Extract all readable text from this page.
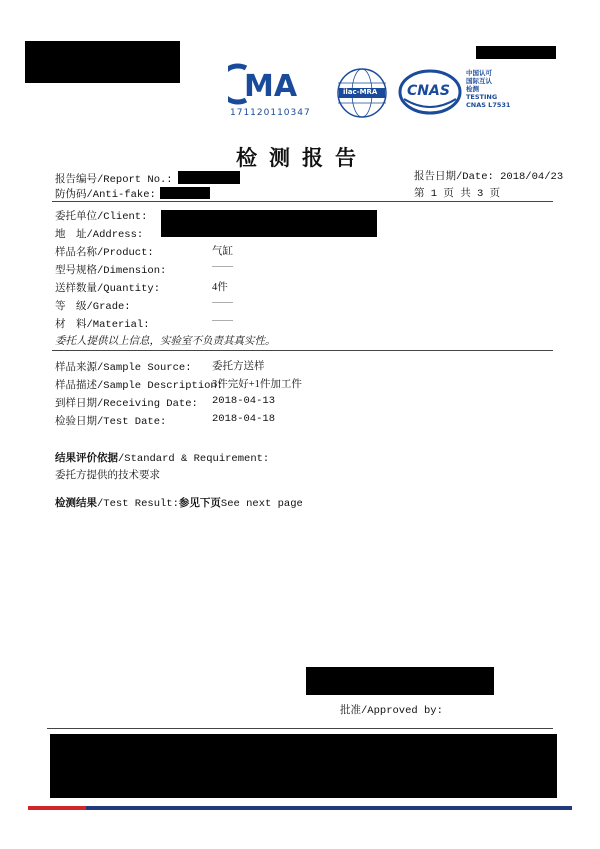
MA
171120110347
ilac-MRA CNAS
中国认可
国际互认
检测
TESTING
CNAS L7531
检测报告
报告编号/Report No.:
防伪码/Anti-fake:
报告日期/Date: 2018/04/23
第 1 页 共 3 页
委托单位/Client:
地　址/Address:
样品名称/Product:	气缸
型号规格/Dimension:	——
送样数量/Quantity:	4件
等　级/Grade:	——
材　料/Material:	——
委托人提供以上信息，实验室不负责其真实性。
样品来源/Sample Source: 委托方送样
样品描述/Sample Description:
3件完好+1件加工件
到样日期/Receiving Date: 2018-04-13
检验日期/Test Date:	2018-04-18
结果评价依据/Standard & Requirement:
委托方提供的技术要求
检测结果/Test Result:参见下页See next page
批准/Approved by:
